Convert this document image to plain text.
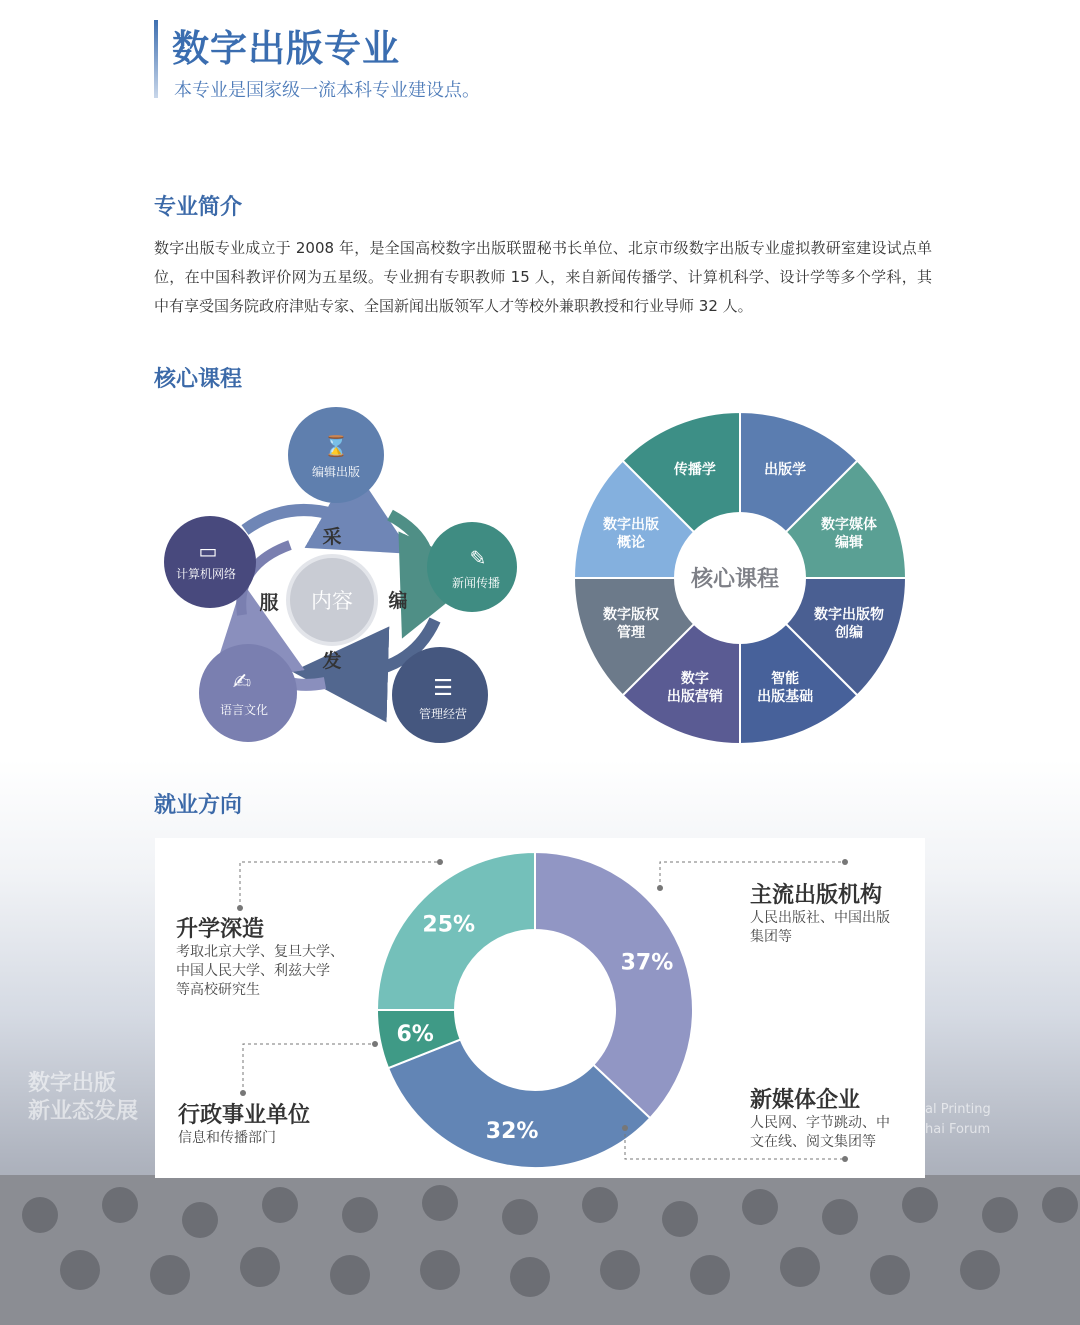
数字出版专业
本专业是国家级一流本科专业建设点。
专业简介
数字出版专业成立于 2008 年，是全国高校数字出版联盟秘书长单位、北京市级数字出版专业虚拟教研室建设试点单位，在中国科教评价网为五星级。专业拥有专职教师 15 人，来自新闻传播学、计算机科学、设计学等多个学科，其中有享受国务院政府津贴专家、全国新闻出版领军人才等校外兼职教授和行业导师 32 人。
核心课程
内容
采
编
发
服
⌛
编辑出版
✎
新闻传播
☰
管理经营
✍
语言文化
▭
计算机网络
出版学
数字媒体编辑
数字出版物创编
智能出版基础
数字出版营销
数字版权管理
数字出版概论
传播学
核心课程
数字出版
新业态发展	al Printing
hai Forum
就业方向
37%
32%
6%
25%
主流出版机构
人民出版社、中国出版
集团等
新媒体企业
人民网、字节跳动、中
文在线、阅文集团等
行政事业单位
信息和传播部门
升学深造
考取北京大学、复旦大学、
中国人民大学、利兹大学
等高校研究生
